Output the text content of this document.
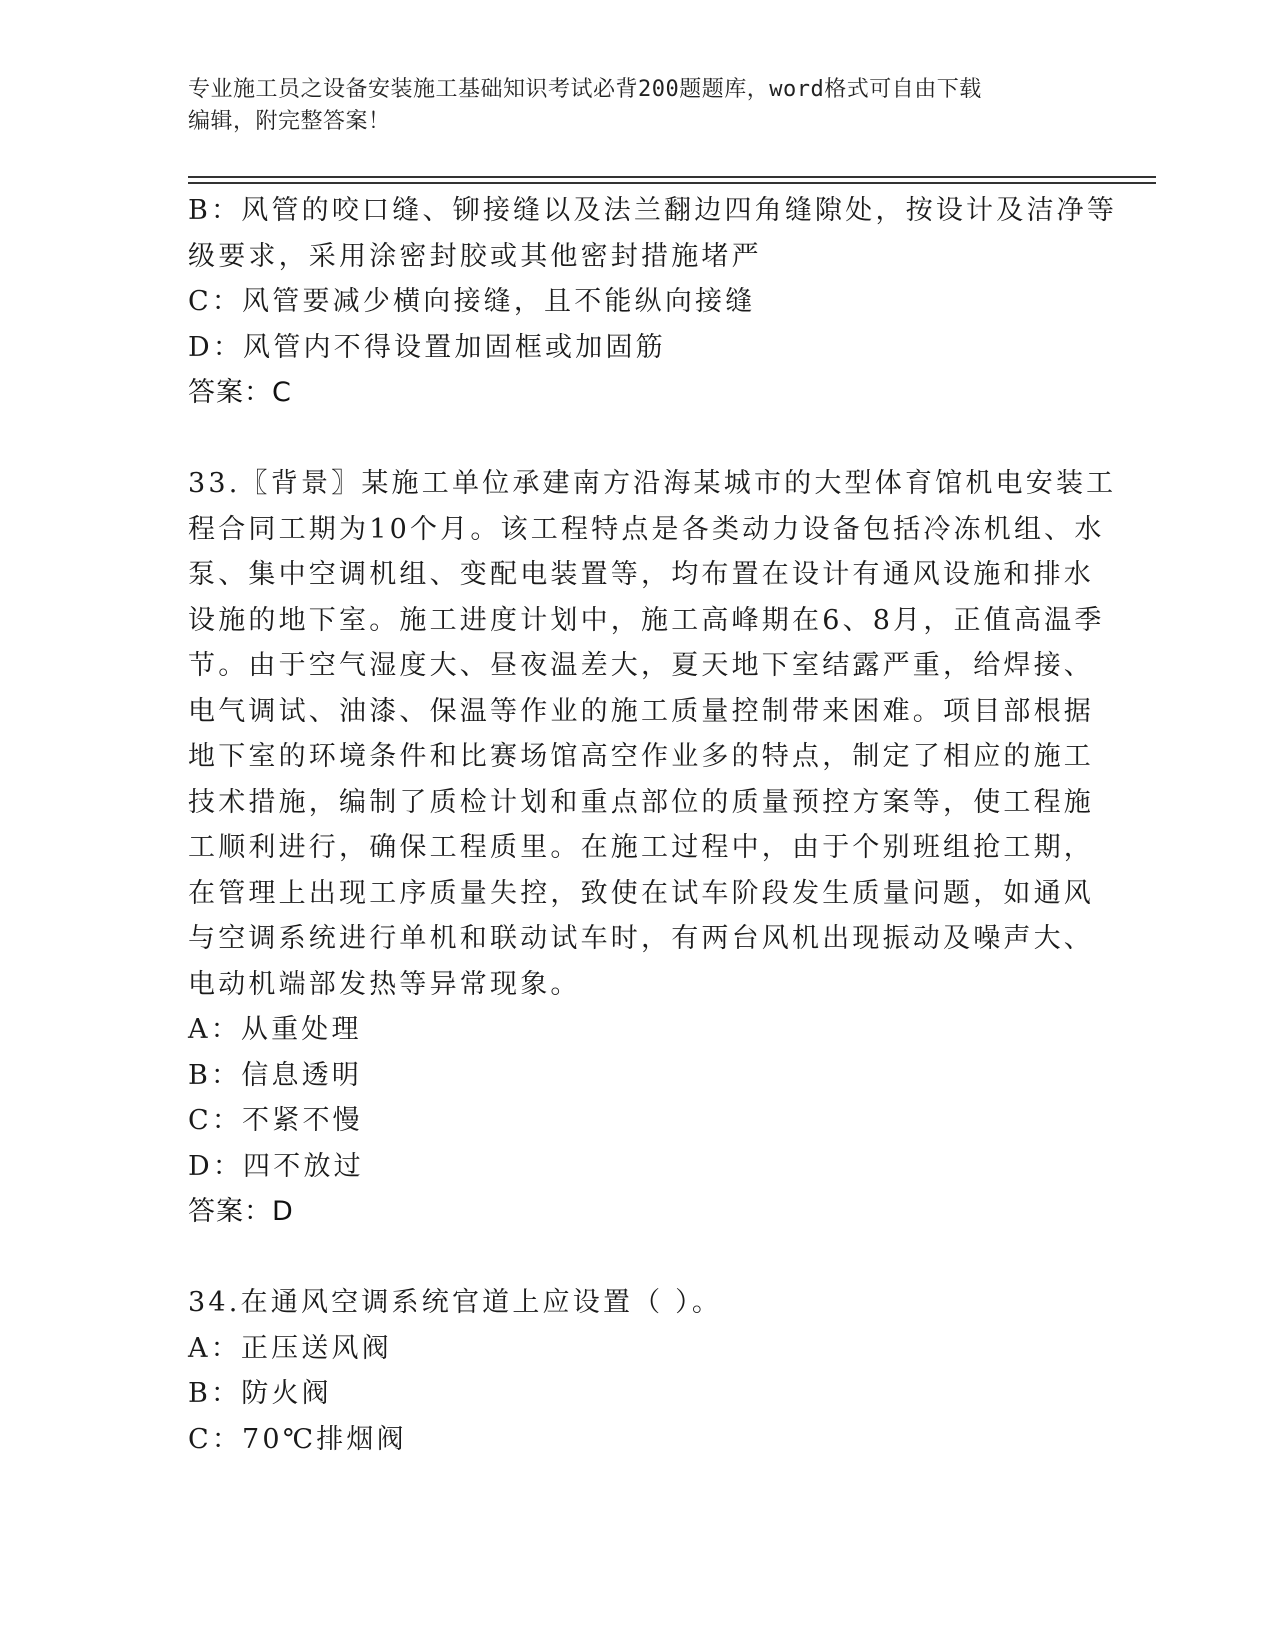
专业施工员之设备安装施工基础知识考试必背200题题库，word格式可自由下载
编辑，附完整答案！
B：风管的咬口缝、铆接缝以及法兰翻边四角缝隙处，按设计及洁净等
级要求，采用涂密封胶或其他密封措施堵严
C：风管要减少横向接缝，且不能纵向接缝
D：风管内不得设置加固框或加固筋
答案：C
33.〖背景〗某施工单位承建南方沿海某城市的大型体育馆机电安装工
程合同工期为10个月。该工程特点是各类动力设备包括冷冻机组、水
泵、集中空调机组、变配电装置等，均布置在设计有通风设施和排水
设施的地下室。施工进度计划中，施工高峰期在6、8月，正值高温季
节。由于空气湿度大、昼夜温差大，夏天地下室结露严重，给焊接、
电气调试、油漆、保温等作业的施工质量控制带来困难。项目部根据
地下室的环境条件和比赛场馆高空作业多的特点，制定了相应的施工
技术措施，编制了质检计划和重点部位的质量预控方案等，使工程施
工顺利进行，确保工程质里。在施工过程中，由于个别班组抢工期，
在管理上出现工序质量失控，致使在试车阶段发生质量问题，如通风
与空调系统进行单机和联动试车时，有两台风机出现振动及噪声大、
电动机端部发热等异常现象。
A：从重处理
B：信息透明
C：不紧不慢
D：四不放过
答案：D
34.在通风空调系统官道上应设置（ ）。
A：正压送风阀
B：防火阀
C：70℃排烟阀
